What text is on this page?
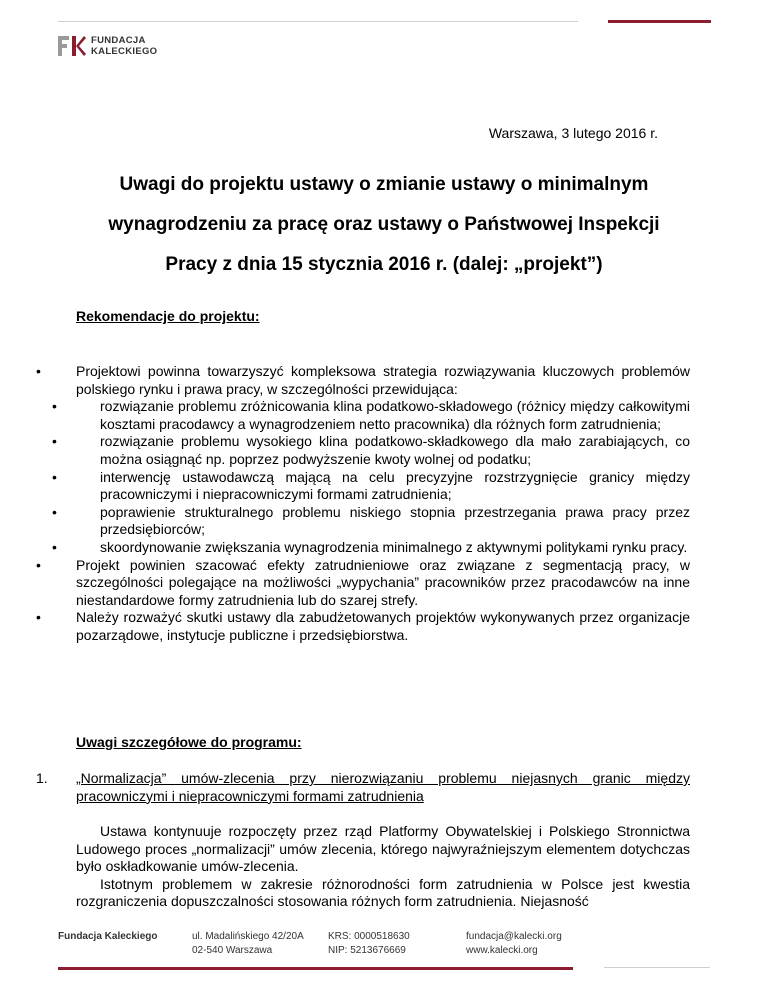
FUNDACJA
KALECKIEGO
Warszawa, 3 lutego 2016 r.
Uwagi do projektu ustawy o zmianie ustawy o minimalnym
wynagrodzeniu za pracę oraz ustawy o Państwowej Inspekcji
Pracy z dnia 15 stycznia 2016 r. (dalej: „projekt”)
Rekomendacje do projektu:
•	Projektowi powinna towarzyszyć kompleksowa strategia rozwiązywania kluczowych problemów polskiego rynku i prawa pracy, w szczególności przewidująca:
•	rozwiązanie problemu zróżnicowania klina podatkowo-składowego (różnicy między całkowitymi kosztami pracodawcy a wynagrodzeniem netto pracownika) dla różnych form zatrudnienia;
•	rozwiązanie problemu wysokiego klina podatkowo-składkowego dla mało zarabiających, co można osiągnąć np. poprzez podwyższenie kwoty wolnej od podatku;
•	interwencję ustawodawczą mającą na celu precyzyjne rozstrzygnięcie granicy między pracowniczymi i niepracowniczymi formami zatrudnienia;
•	poprawienie strukturalnego problemu niskiego stopnia przestrzegania prawa pracy przez przedsiębiorców;
•	skoordynowanie zwiększania wynagrodzenia minimalnego z aktywnymi politykami rynku pracy.
•	Projekt powinien szacować efekty zatrudnieniowe oraz związane z segmentacją pracy, w szczególności polegające na możliwości „wypychania” pracowników przez pracodawców na inne niestandardowe formy zatrudnienia lub do szarej strefy.
•	Należy rozważyć skutki ustawy dla zabudżetowanych projektów wykonywanych przez organizacje pozarządowe, instytucje publiczne i przedsiębiorstwa.
Uwagi szczegółowe do programu:
1. „Normalizacja” umów-zlecenia przy nierozwiązaniu problemu niejasnych granic między pracowniczymi i niepracowniczymi formami zatrudnienia

Ustawa kontynuuje rozpoczęty przez rząd Platformy Obywatelskiej i Polskiego Stronnictwa Ludowego proces „normalizacji” umów zlecenia, którego najwyraźniejszym elementem dotychczas było oskładkowanie umów-zlecenia.

Istotnym problemem w zakresie różnorodności form zatrudnienia w Polsce jest kwestia rozgraniczenia dopuszczalności stosowania różnych form zatrudnienia. Niejasność

Fundacja Kaleckiego	ul. Madalińskiego 42/20A
02-540 Warszawa
KRS: 0000518630
NIP: 5213676669
fundacja@kalecki.org
www.kalecki.org
